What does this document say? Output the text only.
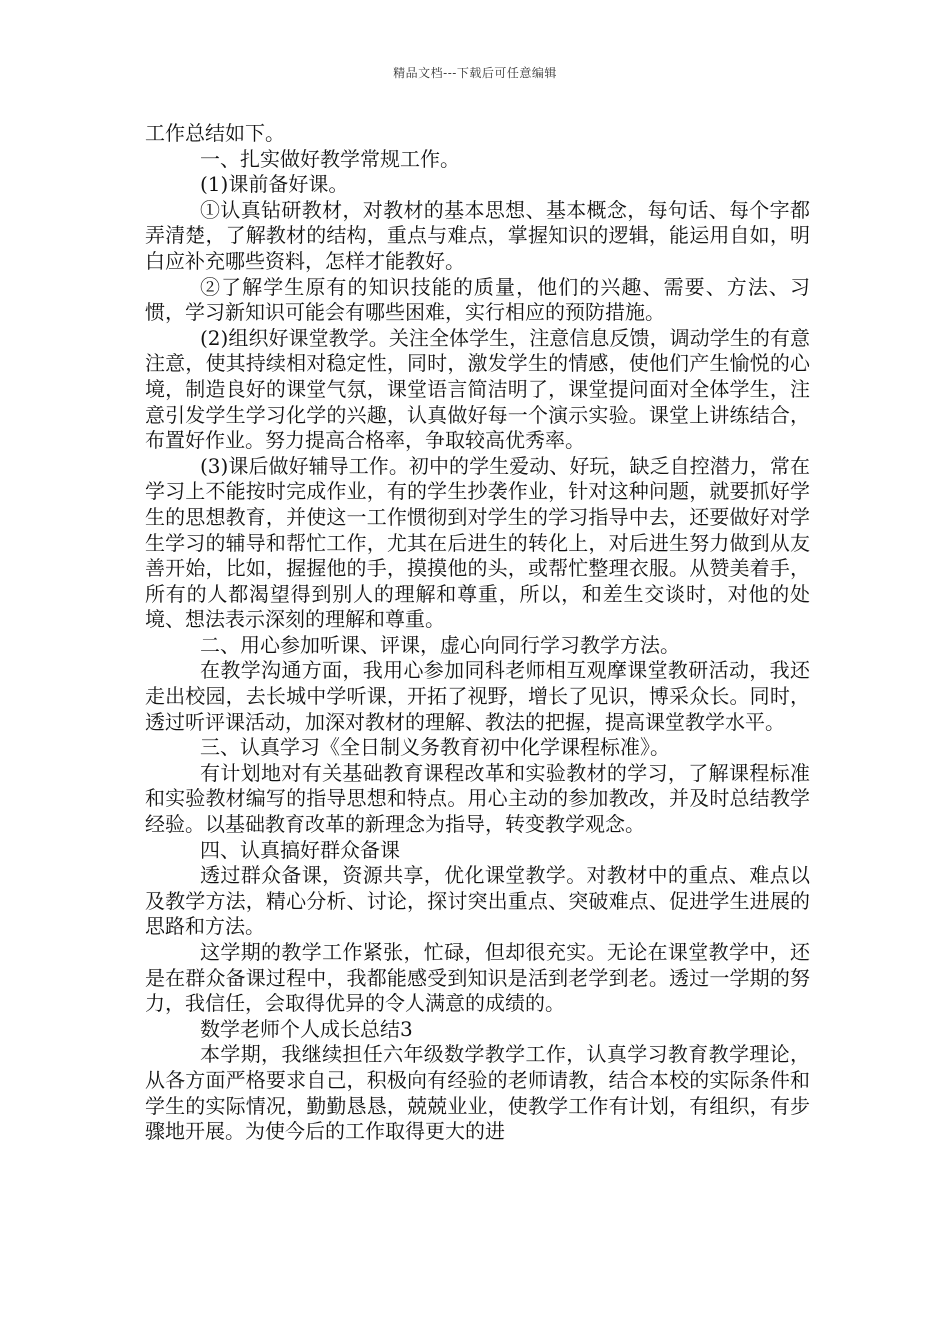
精品文档---下载后可任意编辑

工作总结如下。

一、扎实做好教学常规工作。

(1)课前备好课。

①认真钻研教材，对教材的基本思想、基本概念，每句话、每个字都弄清楚，了解教材的结构，重点与难点，掌握知识的逻辑，能运用自如，明白应补充哪些资料，怎样才能教好。

②了解学生原有的知识技能的质量，他们的兴趣、需要、方法、习惯，学习新知识可能会有哪些困难，实行相应的预防措施。

(2)组织好课堂教学。关注全体学生，注意信息反馈，调动学生的有意注意，使其持续相对稳定性，同时，激发学生的情感，使他们产生愉悦的心境，制造良好的课堂气氛，课堂语言简洁明了，课堂提问面对全体学生，注意引发学生学习化学的兴趣，认真做好每一个演示实验。课堂上讲练结合，布置好作业。努力提高合格率，争取较高优秀率。

(3)课后做好辅导工作。初中的学生爱动、好玩，缺乏自控潜力，常在学习上不能按时完成作业，有的学生抄袭作业，针对这种问题，就要抓好学生的思想教育，并使这一工作惯彻到对学生的学习指导中去，还要做好对学生学习的辅导和帮忙工作，尤其在后进生的转化上，对后进生努力做到从友善开始，比如，握握他的手，摸摸他的头，或帮忙整理衣服。从赞美着手，所有的人都渴望得到别人的理解和尊重，所以，和差生交谈时，对他的处境、想法表示深刻的理解和尊重。

二、用心参加听课、评课，虚心向同行学习教学方法。

在教学沟通方面，我用心参加同科老师相互观摩课堂教研活动，我还走出校园，去长城中学听课，开拓了视野，增长了见识，博采众长。同时，透过听评课活动，加深对教材的理解、教法的把握，提高课堂教学水平。

三、认真学习《全日制义务教育初中化学课程标准》。

有计划地对有关基础教育课程改革和实验教材的学习，了解课程标准和实验教材编写的指导思想和特点。用心主动的参加教改，并及时总结教学经验。以基础教育改革的新理念为指导，转变教学观念。

四、认真搞好群众备课

透过群众备课，资源共享，优化课堂教学。对教材中的重点、难点以及教学方法，精心分析、讨论，探讨突出重点、突破难点、促进学生进展的思路和方法。

这学期的教学工作紧张，忙碌，但却很充实。无论在课堂教学中，还是在群众备课过程中，我都能感受到知识是活到老学到老。透过一学期的努力，我信任，会取得优异的令人满意的成绩的。

数学老师个人成长总结3

本学期，我继续担任六年级数学教学工作，认真学习教育教学理论，从各方面严格要求自己，积极向有经验的老师请教，结合本校的实际条件和学生的实际情况，勤勤恳恳，兢兢业业，使教学工作有计划，有组织，有步骤地开展。为使今后的工作取得更大的进
